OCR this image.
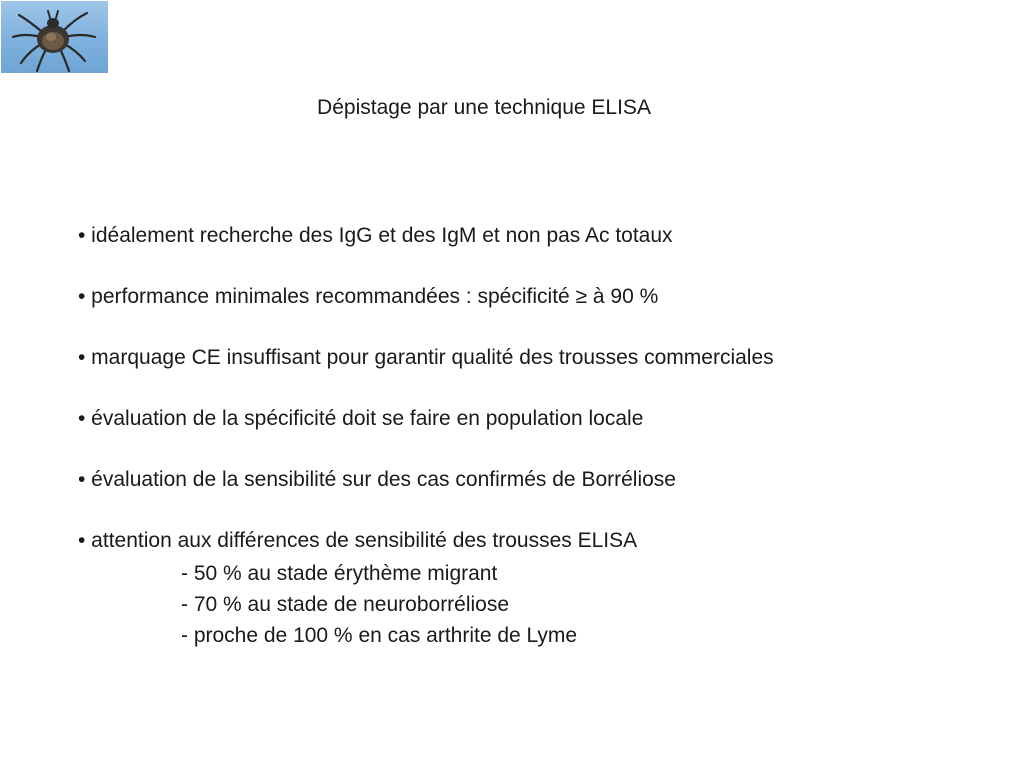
Dépistage par une technique ELISA
• idéalement recherche des IgG et des IgM et non pas Ac totaux
• performance minimales recommandées : spécificité ≥ à 90 %
• marquage CE insuffisant pour garantir qualité des trousses commerciales
• évaluation de la spécificité doit se faire en population locale
• évaluation de la sensibilité sur des cas confirmés de Borréliose
• attention aux différences de sensibilité des trousses ELISA
- 50 % au stade érythème migrant
- 70 % au stade de neuroborréliose
- proche de 100 % en cas arthrite de Lyme
